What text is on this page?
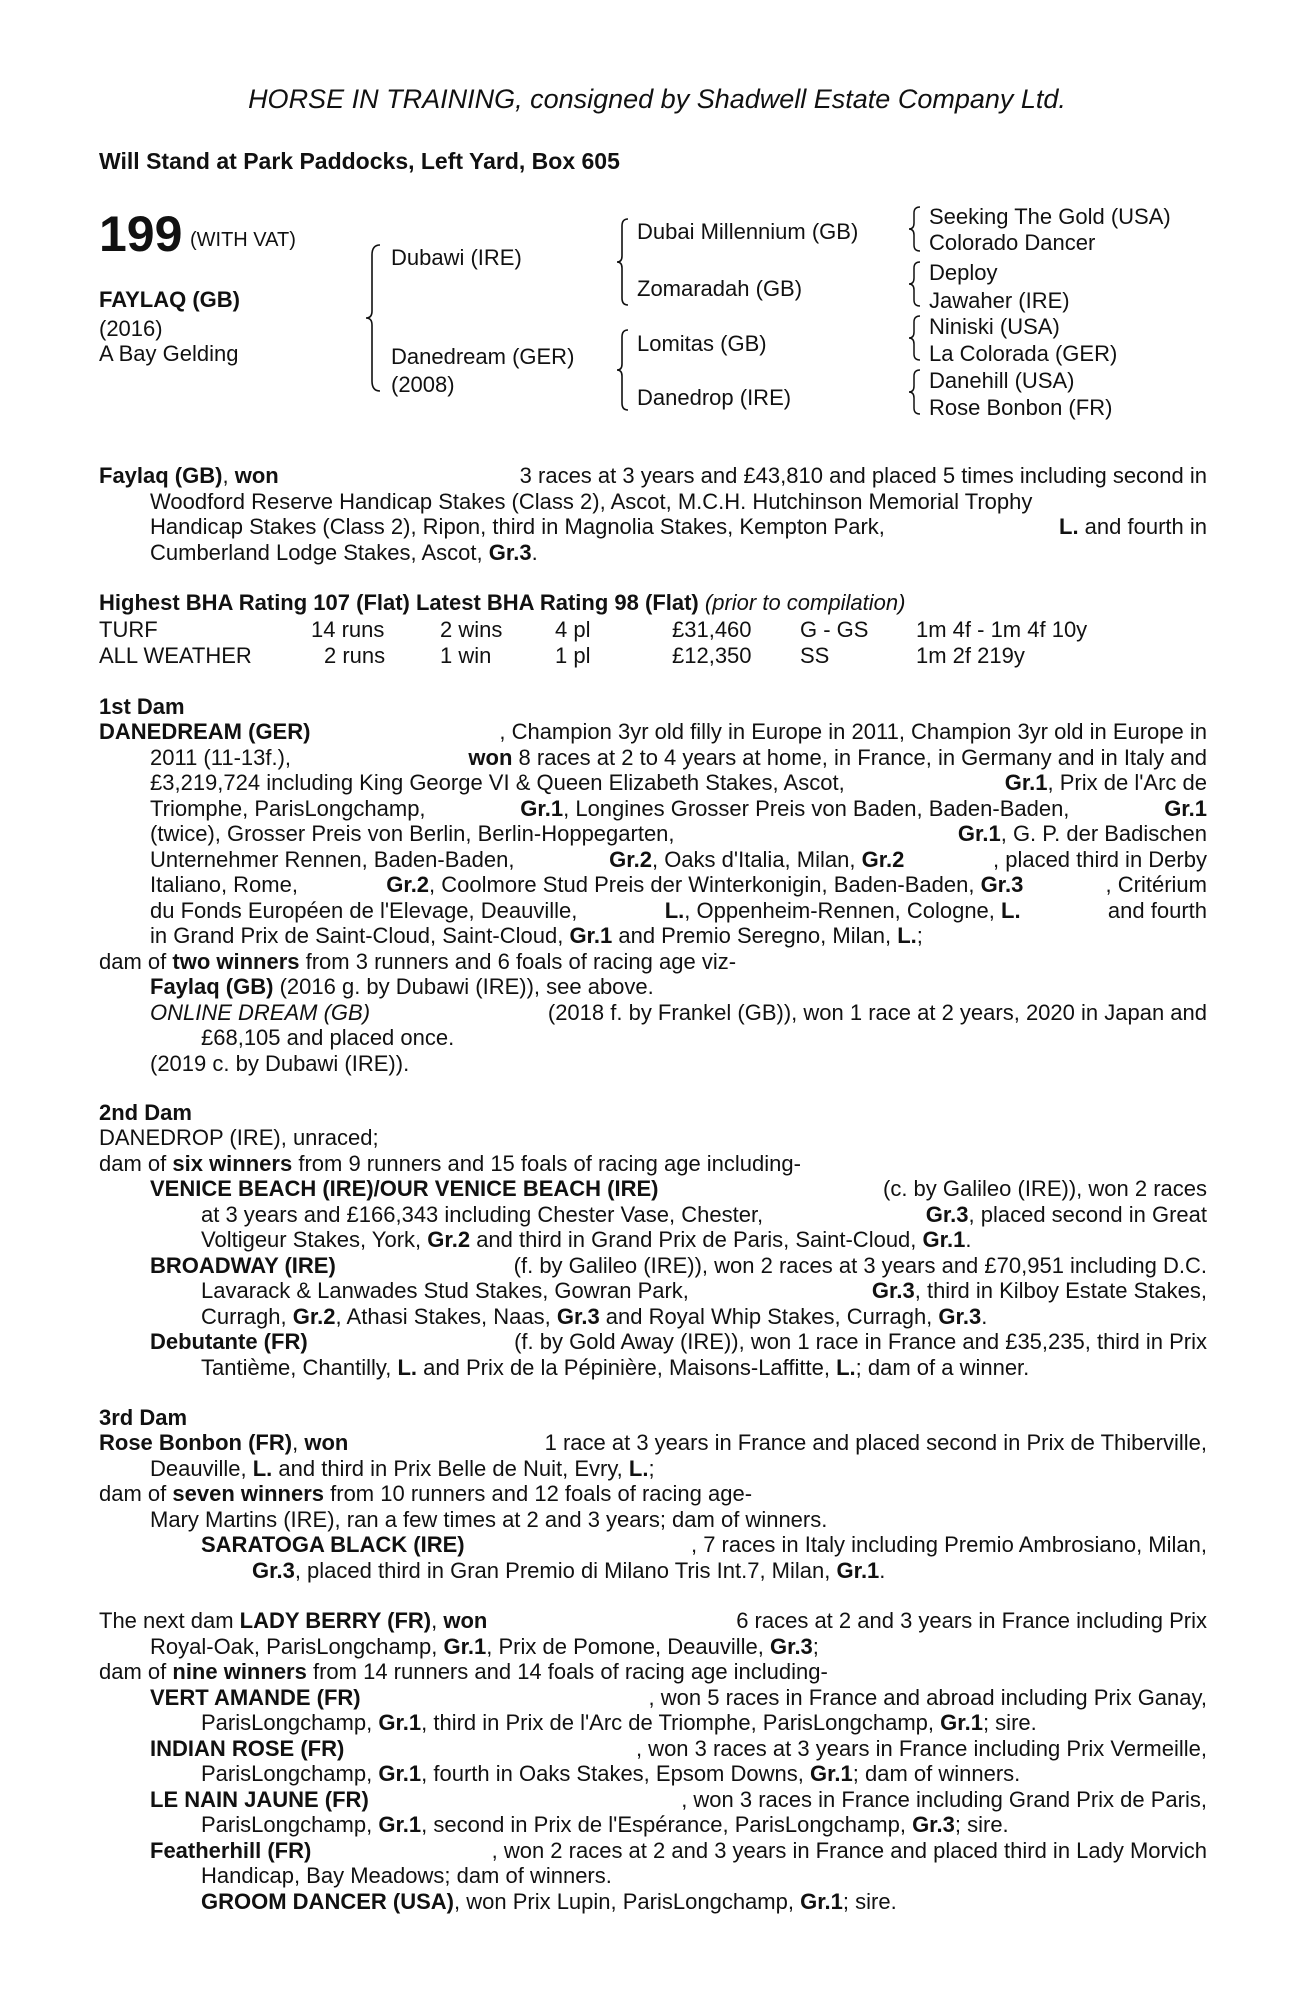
HORSE IN TRAINING, consigned by Shadwell Estate Company Ltd.
Will Stand at Park Paddocks, Left Yard, Box 605
199 (WITH VAT)
FAYLAQ (GB)
(2016)
A Bay Gelding
Dubawi (IRE)
Danedream (GER)
(2008)
Dubai Millennium (GB)
Zomaradah (GB)
Lomitas (GB)
Danedrop (IRE)
Seeking The Gold (USA)
Colorado Dancer
Deploy
Jawaher (IRE)
Niniski (USA)
La Colorada (GER)
Danehill (USA)
Rose Bonbon (FR)
Faylaq (GB), won	3 races at 3 years and £43,810 and placed 5 times including second in
Woodford Reserve Handicap Stakes (Class 2), Ascot, M.C.H. Hutchinson Memorial Trophy
Handicap Stakes (Class 2), Ripon, third in Magnolia Stakes, Kempton Park,	L. and fourth in
Cumberland Lodge Stakes, Ascot, Gr.3.
Highest BHA Rating 107 (Flat) Latest BHA Rating 98 (Flat) (prior to compilation)
TURF	14 runs	2 wins 4 pl	£31,460 G - GS 1m 4f - 1m 4f 10y
ALL WEATHER	2 runs 1 win	1 pl	£12,350 SS	1m 2f 219y
1st Dam
DANEDREAM (GER)	, Champion 3yr old filly in Europe in 2011, Champion 3yr old in Europe in
2011 (11-13f.),	won 8 races at 2 to 4 years at home, in France, in Germany and in Italy and
£3,219,724 including King George VI & Queen Elizabeth Stakes, Ascot,	Gr.1, Prix de l'Arc de
Triomphe, ParisLongchamp,	Gr.1, Longines Grosser Preis von Baden, Baden-Baden,	Gr.1
(twice), Grosser Preis von Berlin, Berlin-Hoppegarten,	Gr.1, G. P. der Badischen
Unternehmer Rennen, Baden-Baden,	Gr.2, Oaks d'Italia, Milan, Gr.2	, placed third in Derby
Italiano, Rome,	Gr.2, Coolmore Stud Preis der Winterkonigin, Baden-Baden, Gr.3	, Critérium
du Fonds Européen de l'Elevage, Deauville,	L., Oppenheim-Rennen, Cologne, L.	and fourth
in Grand Prix de Saint-Cloud, Saint-Cloud, Gr.1 and Premio Seregno, Milan, L.;
dam of two winners from 3 runners and 6 foals of racing age viz-
Faylaq (GB) (2016 g. by Dubawi (IRE)), see above.
ONLINE DREAM (GB)	(2018 f. by Frankel (GB)), won 1 race at 2 years, 2020 in Japan and
£68,105 and placed once.
(2019 c. by Dubawi (IRE)).
2nd Dam
DANEDROP (IRE), unraced;
dam of six winners from 9 runners and 15 foals of racing age including-
VENICE BEACH (IRE)/OUR VENICE BEACH (IRE)	(c. by Galileo (IRE)), won 2 races
at 3 years and £166,343 including Chester Vase, Chester,	Gr.3, placed second in Great
Voltigeur Stakes, York, Gr.2 and third in Grand Prix de Paris, Saint-Cloud, Gr.1.
BROADWAY (IRE)	(f. by Galileo (IRE)), won 2 races at 3 years and £70,951 including D.C.
Lavarack & Lanwades Stud Stakes, Gowran Park,	Gr.3, third in Kilboy Estate Stakes,
Curragh, Gr.2, Athasi Stakes, Naas, Gr.3 and Royal Whip Stakes, Curragh, Gr.3.
Debutante (FR)	(f. by Gold Away (IRE)), won 1 race in France and £35,235, third in Prix
Tantième, Chantilly, L. and Prix de la Pépinière, Maisons-Laffitte, L.; dam of a winner.
3rd Dam
Rose Bonbon (FR), won	1 race at 3 years in France and placed second in Prix de Thiberville,
Deauville, L. and third in Prix Belle de Nuit, Evry, L.;
dam of seven winners from 10 runners and 12 foals of racing age-
Mary Martins (IRE), ran a few times at 2 and 3 years; dam of winners.
SARATOGA BLACK (IRE)	, 7 races in Italy including Premio Ambrosiano, Milan,
Gr.3, placed third in Gran Premio di Milano Tris Int.7, Milan, Gr.1.
The next dam LADY BERRY (FR), won	6 races at 2 and 3 years in France including Prix
Royal-Oak, ParisLongchamp, Gr.1, Prix de Pomone, Deauville, Gr.3;
dam of nine winners from 14 runners and 14 foals of racing age including-
VERT AMANDE (FR)	, won 5 races in France and abroad including Prix Ganay,
ParisLongchamp, Gr.1, third in Prix de l'Arc de Triomphe, ParisLongchamp, Gr.1; sire.
INDIAN ROSE (FR)	, won 3 races at 3 years in France including Prix Vermeille,
ParisLongchamp, Gr.1, fourth in Oaks Stakes, Epsom Downs, Gr.1; dam of winners.
LE NAIN JAUNE (FR)	, won 3 races in France including Grand Prix de Paris,
ParisLongchamp, Gr.1, second in Prix de l'Espérance, ParisLongchamp, Gr.3; sire.
Featherhill (FR)	, won 2 races at 2 and 3 years in France and placed third in Lady Morvich
Handicap, Bay Meadows; dam of winners.
GROOM DANCER (USA), won Prix Lupin, ParisLongchamp, Gr.1; sire.
